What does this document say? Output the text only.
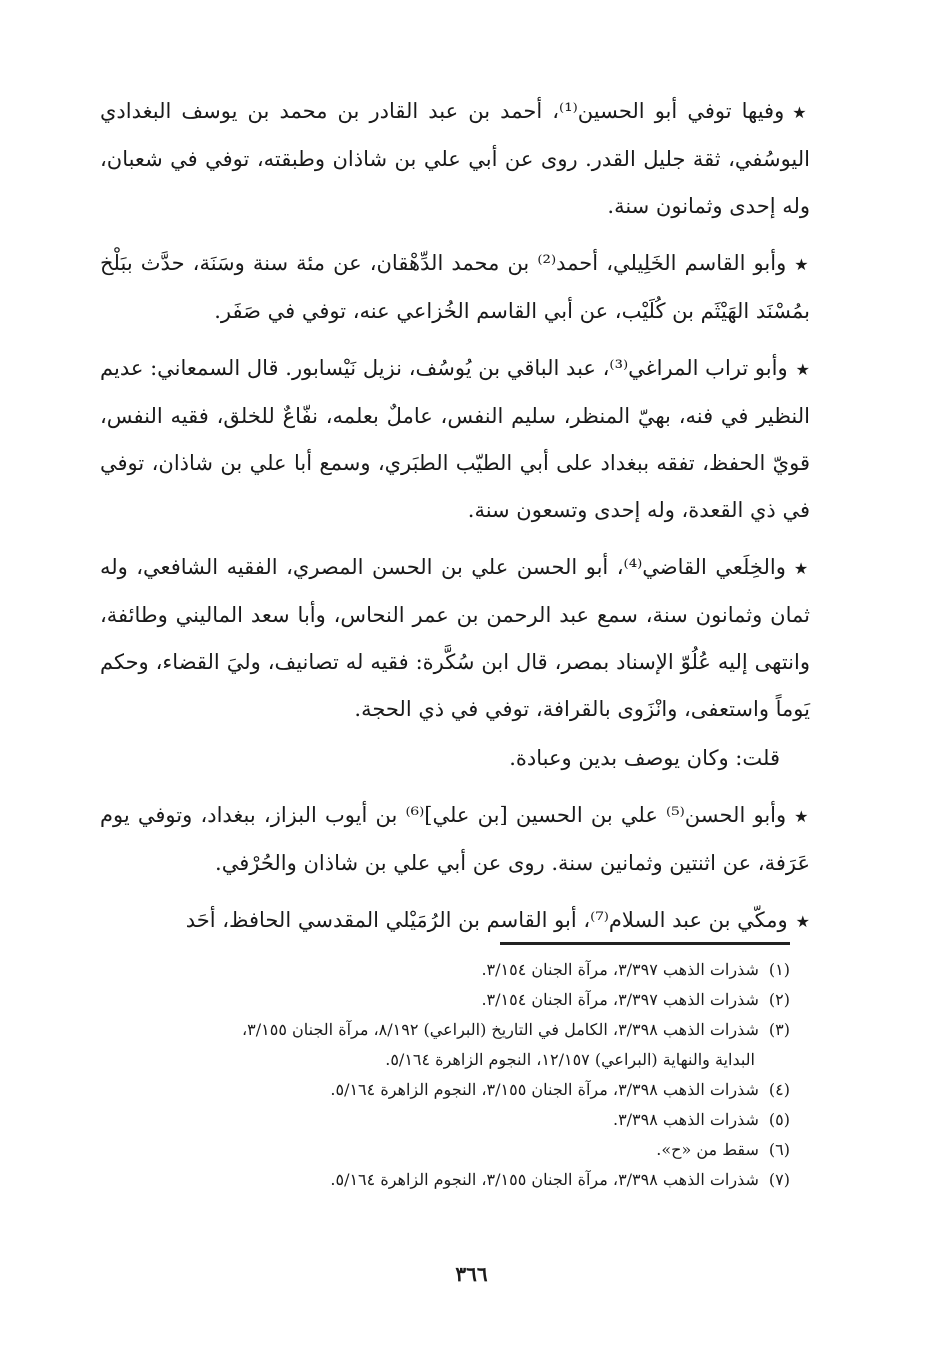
★وفيها توفي أبو الحسين⁽¹⁾، أحمد بن عبد القادر بن محمد بن يوسف البغدادي اليوسُفي، ثقة جليل القدر. روى عن أبي علي بن شاذان وطبقته، توفي في شعبان، وله إحدى وثمانون سنة.

★وأبو القاسم الخَلِيلي، أحمد⁽²⁾ بن محمد الدِّهْقان، عن مئة سنة وسَنَة، حدَّث ببَلْخ بمُسْنَد الهَيْثَم بن كُلَيْب، عن أبي القاسم الخُزاعي عنه، توفي في صَفَر.

★وأبو تراب المراغي⁽³⁾، عبد الباقي بن يُوسُف، نزيل نَيْسابور. قال السمعاني: عديم النظير في فنه، بهيّ المنظر، سليم النفس، عاملٌ بعلمه، نفّاعٌ للخلق، فقيه النفس، قويّ الحفظ، تفقه ببغداد على أبي الطيّب الطبَري، وسمع أبا علي بن شاذان، توفي في ذي القعدة، وله إحدى وتسعون سنة.

★والخِلَعي القاضي⁽⁴⁾، أبو الحسن علي بن الحسن المصري، الفقيه الشافعي، وله ثمان وثمانون سنة، سمع عبد الرحمن بن عمر النحاس، وأبا سعد الماليني وطائفة، وانتهى إليه عُلُوّ الإسناد بمصر، قال ابن سُكَّرة: فقيه له تصانيف، وليَ القضاء، وحكم يَوماً واستعفى، وانْزَوى بالقرافة، توفي في ذي الحجة.

قلت: وكان يوصف بدين وعبادة.

★وأبو الحسن⁽⁵⁾ علي بن الحسين [بن علي]⁽⁶⁾ بن أيوب البزاز، ببغداد، وتوفي يوم عَرَفة، عن اثنتين وثمانين سنة. روى عن أبي علي بن شاذان والحُرْفي.

★ومكّي بن عبد السلام⁽⁷⁾، أبو القاسم بن الرُمَيْلي المقدسي الحافظ، أحَد

(١)شذرات الذهب ٣/٣٩٧، مرآة الجنان ٣/١٥٤.

(٢)شذرات الذهب ٣/٣٩٧، مرآة الجنان ٣/١٥٤.

(٣)شذرات الذهب ٣/٣٩٨، الكامل في التاريخ (البراعي) ٨/١٩٢، مرآة الجنان ٣/١٥٥،

البداية والنهاية (البراعي) ١٢/١٥٧، النجوم الزاهرة ٥/١٦٤.

(٤)شذرات الذهب ٣/٣٩٨، مرآة الجنان ٣/١٥٥، النجوم الزاهرة ٥/١٦٤.

(٥)شذرات الذهب ٣/٣٩٨.

(٦)سقط من «ح».

(٧)شذرات الذهب ٣/٣٩٨، مرآة الجنان ٣/١٥٥، النجوم الزاهرة ٥/١٦٤.

٣٦٦
